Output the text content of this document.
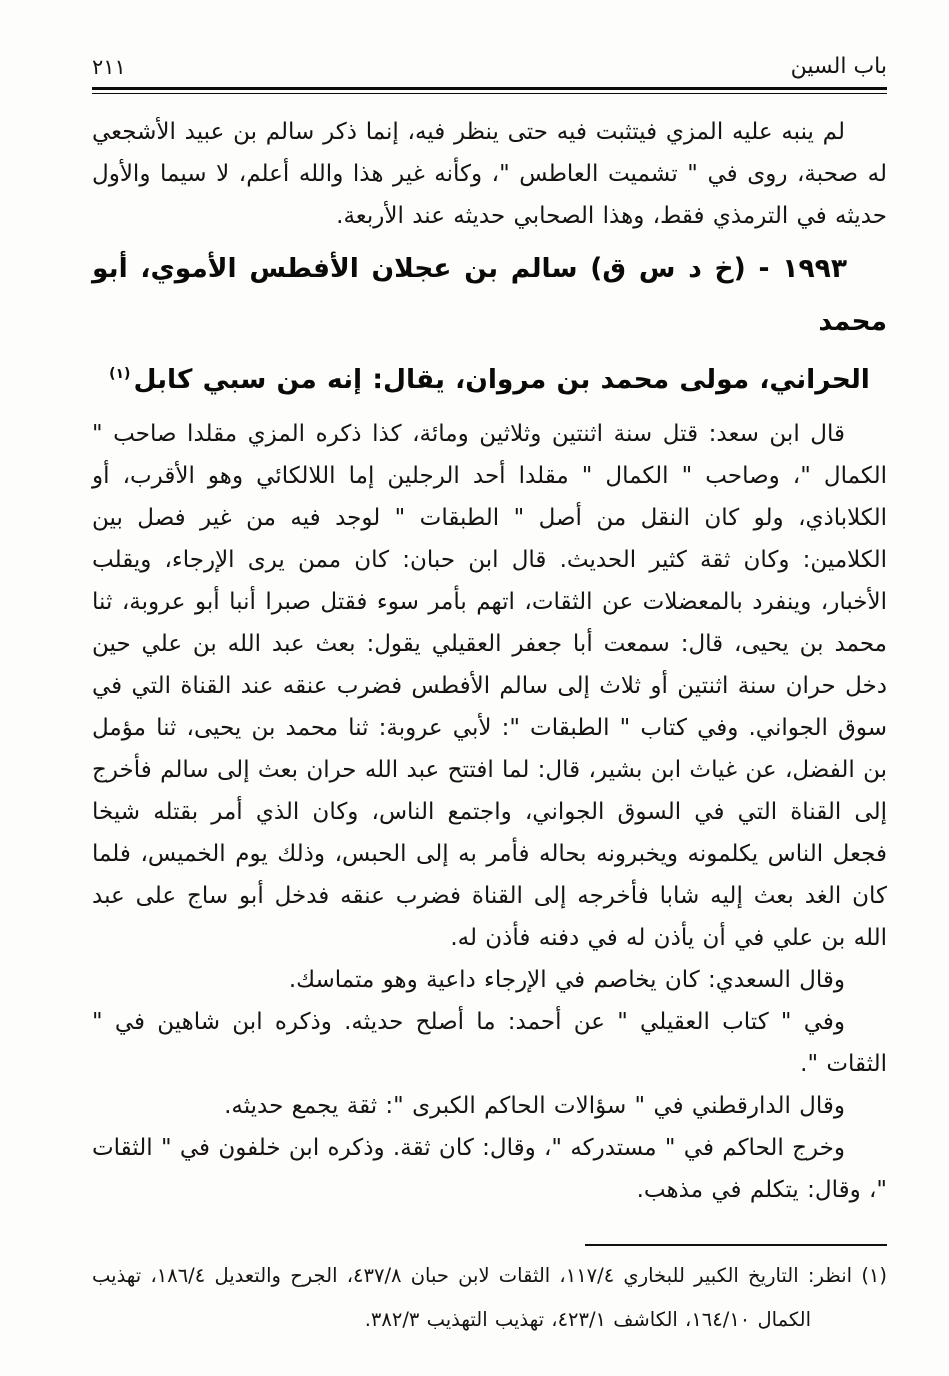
باب السين
٢١١

لم ينبه عليه المزي فيتثبت فيه حتى ينظر فيه، إنما ذكر سالم بن عبيد الأشجعي له صحبة، روى في " تشميت العاطس "، وكأنه غير هذا والله أعلم، لا سيما والأول حديثه في الترمذي فقط، وهذا الصحابي حديثه عند الأربعة.

١٩٩٣ - (خ د س ق) سالم بن عجلان الأفطس الأموي، أبو محمد
الحراني، مولى محمد بن مروان، يقال: إنه من سبي كابل$^{(١)}$

قال ابن سعد: قتل سنة اثنتين وثلاثين ومائة، كذا ذكره المزي مقلدا صاحب " الكمال "، وصاحب " الكمال " مقلدا أحد الرجلين إما اللالكائي وهو الأقرب، أو الكلاباذي، ولو كان النقل من أصل " الطبقات " لوجد فيه من غير فصل بين الكلامين: وكان ثقة كثير الحديث. قال ابن حبان: كان ممن يرى الإرجاء، ويقلب الأخبار، وينفرد بالمعضلات عن الثقات، اتهم بأمر سوء فقتل صبرا أنبا أبو عروبة، ثنا محمد بن يحيى، قال: سمعت أبا جعفر العقيلي يقول: بعث عبد الله بن علي حين دخل حران سنة اثنتين أو ثلاث إلى سالم الأفطس فضرب عنقه عند القناة التي في سوق الجواني. وفي كتاب " الطبقات ": لأبي عروبة: ثنا محمد بن يحيى، ثنا مؤمل بن الفضل، عن غياث ابن بشير، قال: لما افتتح عبد الله حران بعث إلى سالم فأخرج إلى القناة التي في السوق الجواني، واجتمع الناس، وكان الذي أمر بقتله شيخا فجعل الناس يكلمونه ويخبرونه بحاله فأمر به إلى الحبس، وذلك يوم الخميس، فلما كان الغد بعث إليه شابا فأخرجه إلى القناة فضرب عنقه فدخل أبو ساج على عبد الله بن علي في أن يأذن له في دفنه فأذن له.

وقال السعدي: كان يخاصم في الإرجاء داعية وهو متماسك.

وفي " كتاب العقيلي " عن أحمد: ما أصلح حديثه. وذكره ابن شاهين في " الثقات ".

وقال الدارقطني في " سؤالات الحاكم الكبرى ": ثقة يجمع حديثه.

وخرج الحاكم في " مستدركه "، وقال: كان ثقة. وذكره ابن خلفون في " الثقات "، وقال: يتكلم في مذهب.

(١) انظر: التاريخ الكبير للبخاري ١١٧/٤، الثقات لابن حبان ٤٣٧/٨، الجرح والتعديل ١٨٦/٤، تهذيب الكمال ١٦٤/١٠، الكاشف ٤٢٣/١، تهذيب التهذيب ٣٨٢/٣.
